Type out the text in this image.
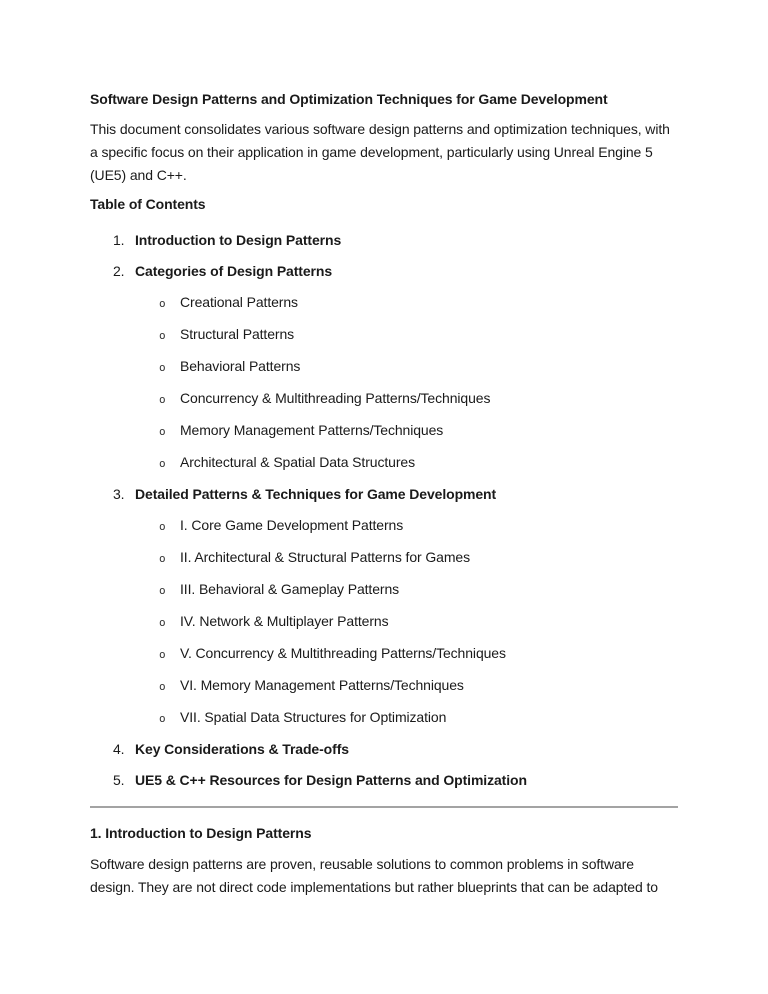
Software Design Patterns and Optimization Techniques for Game Development

This document consolidates various software design patterns and optimization techniques, with a specific focus on their application in game development, particularly using Unreal Engine 5 (UE5) and C++.

Table of Contents
1. Introduction to Design Patterns
2. Categories of Design Patterns
o	Creational Patterns
o	Structural Patterns
o	Behavioral Patterns
o	Concurrency & Multithreading Patterns/Techniques
o	Memory Management Patterns/Techniques
o	Architectural & Spatial Data Structures
3. Detailed Patterns & Techniques for Game Development
o	I. Core Game Development Patterns
o	II. Architectural & Structural Patterns for Games
o	III. Behavioral & Gameplay Patterns
o	IV. Network & Multiplayer Patterns
o	V. Concurrency & Multithreading Patterns/Techniques
o	VI. Memory Management Patterns/Techniques
o	VII. Spatial Data Structures for Optimization
4. Key Considerations & Trade-offs
5. UE5 & C++ Resources for Design Patterns and Optimization
1. Introduction to Design Patterns

Software design patterns are proven, reusable solutions to common problems in software design. They are not direct code implementations but rather blueprints that can be adapted to
